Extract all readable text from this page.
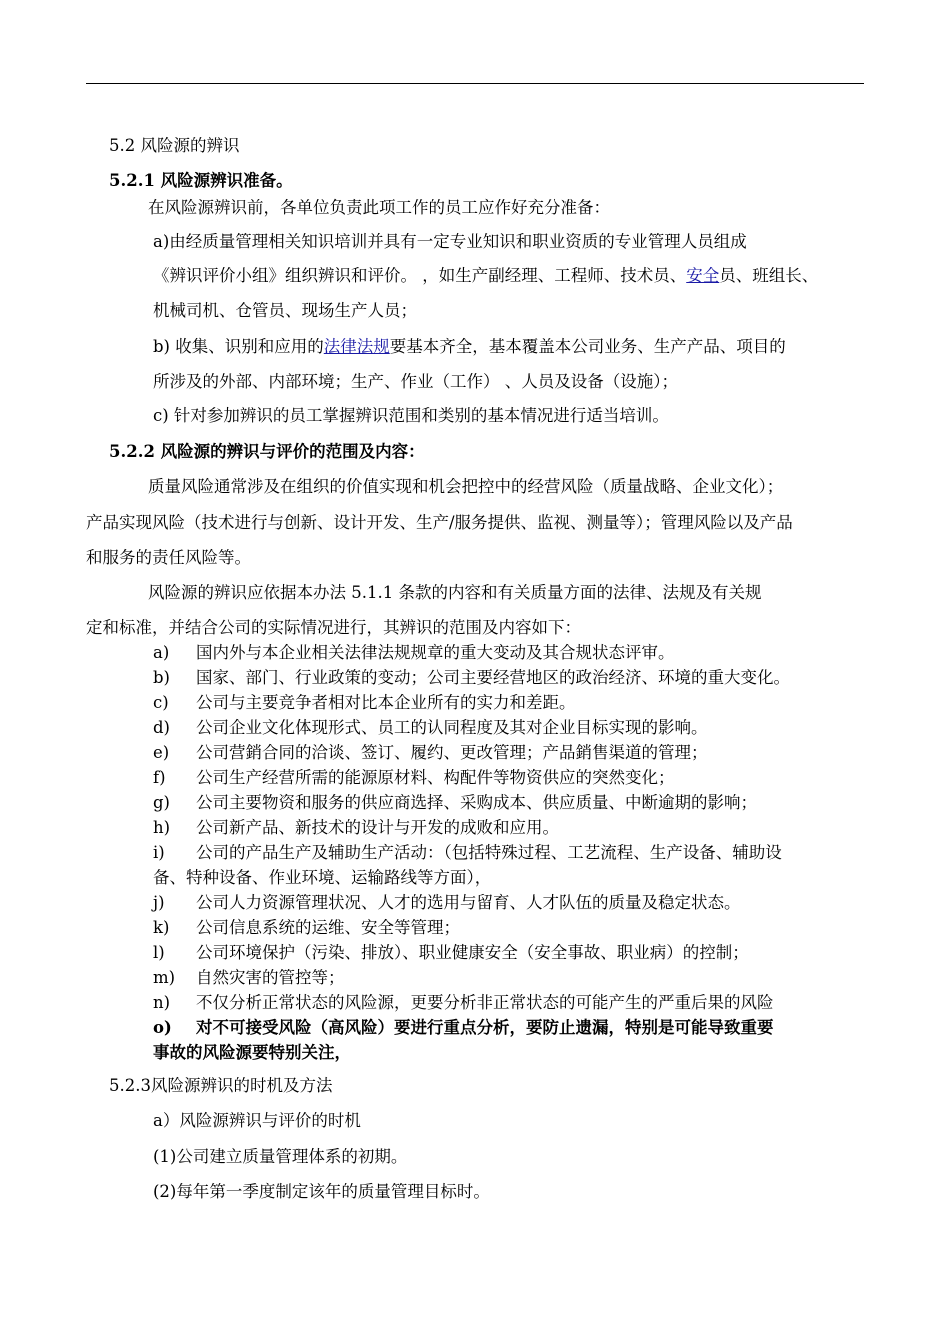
5.2 风险源的辨识
5.2.1 风险源辨识准备。
在风险源辨识前，各单位负责此项工作的员工应作好充分准备：
a)由经质量管理相关知识培训并具有一定专业知识和职业资质的专业管理人员组成
《辨识评价小组》组织辨识和评价。 ，如生产副经理、工程师、技术员、安全员、班组长、
机械司机、仓管员、现场生产人员；
b) 收集、识别和应用的法律法规要基本齐全，基本覆盖本公司业务、生产产品、项目的
所涉及的外部、内部环境；生产、作业（工作） 、人员及设备（设施）；
c) 针对参加辨识的员工掌握辨识范围和类别的基本情况进行适当培训。
5.2.2 风险源的辨识与评价的范围及内容：
质量风险通常涉及在组织的价值实现和机会把控中的经营风险（质量战略、企业文化）；
产品实现风险（技术进行与创新、设计开发、生产/服务提供、监视、测量等）；管理风险以及产品
和服务的责任风险等。
风险源的辨识应依据本办法 5.1.1 条款的内容和有关质量方面的法律、法规及有关规
定和标准，并结合公司的实际情况进行，其辨识的范围及内容如下：
a) 国内外与本企业相关法律法规规章的重大变动及其合规状态评审。
b) 国家、部门、行业政策的变动；公司主要经营地区的政治经济、环境的重大变化。
c) 公司与主要竞争者相对比本企业所有的实力和差距。
d) 公司企业文化体现形式、员工的认同程度及其对企业目标实现的影响。
e) 公司营銷合同的洽谈、签订、履约、更改管理；产品銷售渠道的管理；
f) 公司生产经营所需的能源原材料、构配件等物资供应的突然变化；
g) 公司主要物资和服务的供应商选择、采购成本、供应质量、中断逾期的影响；
h) 公司新产品、新技术的设计与开发的成败和应用。
i) 公司的产品生产及辅助生产活动：（包括特殊过程、工艺流程、生产设备、辅助设
备、特种设备、作业环境、运输路线等方面），
j) 公司人力资源管理状况、人才的选用与留育、人才队伍的质量及稳定状态。
k) 公司信息系统的运维、安全等管理；
l) 公司环境保护（污染、排放）、职业健康安全（安全事故、职业病）的控制；
m) 自然灾害的管控等；
n) 不仅分析正常状态的风险源，更要分析非正常状态的可能产生的严重后果的风险
o) 对不可接受风险（高风险）要进行重点分析，要防止遗漏，特别是可能导致重要
事故的风险源要特别关注，
5.2.3风险源辨识的时机及方法
a）风险源辨识与评价的时机
(1)公司建立质量管理体系的初期。
(2)每年第一季度制定该年的质量管理目标时。
